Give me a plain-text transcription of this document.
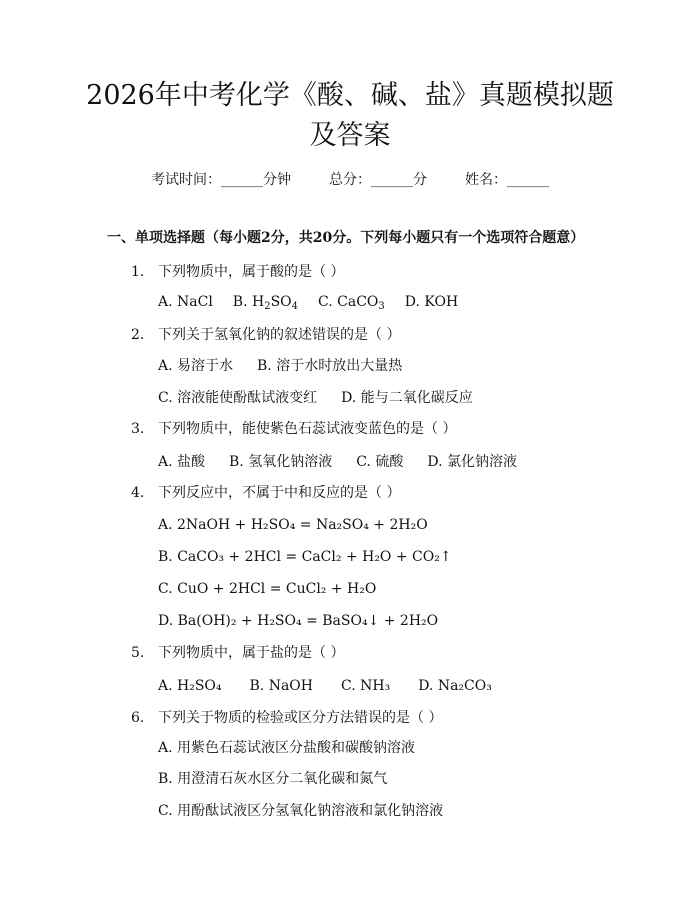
2026年中考化学《酸、碱、盐》真题模拟题
及答案
考试时间：______分钟	总分：______分	姓名：______
一、单项选择题（每小题2分，共20分。下列每小题只有一个选项符合题意）
1. 下列物质中，属于酸的是（ ）
A. NaCl B. $H_2SO_4$ C. CaCO$_3$ D. KOH
2. 下列关于氢氧化钠的叙述错误的是（ ）
A. 易溶于水 B. 溶于水时放出大量热
C. 溶液能使酚酞试液变红 D. 能与二氧化碳反应
3. 下列物质中，能使紫色石蕊试液变蓝色的是（ ）
A. 盐酸 B. 氢氧化钠溶液 C. 硫酸 D. 氯化钠溶液
4. 下列反应中，不属于中和反应的是（ ）
A. 2NaOH + H₂SO₄ = Na₂SO₄ + 2H₂O
B. CaCO₃ + 2HCl = CaCl₂ + H₂O + CO₂↑
C. CuO + 2HCl = CuCl₂ + H₂O
D. Ba(OH)₂ + H₂SO₄ = BaSO₄↓ + 2H₂O
5. 下列物质中，属于盐的是（ ）
A. H₂SO₄ B. NaOH C. NH₃ D. Na₂CO₃
6. 下列关于物质的检验或区分方法错误的是（ ）
A. 用紫色石蕊试液区分盐酸和碳酸钠溶液
B. 用澄清石灰水区分二氧化碳和氮气
C. 用酚酞试液区分氢氧化钠溶液和氯化钠溶液
